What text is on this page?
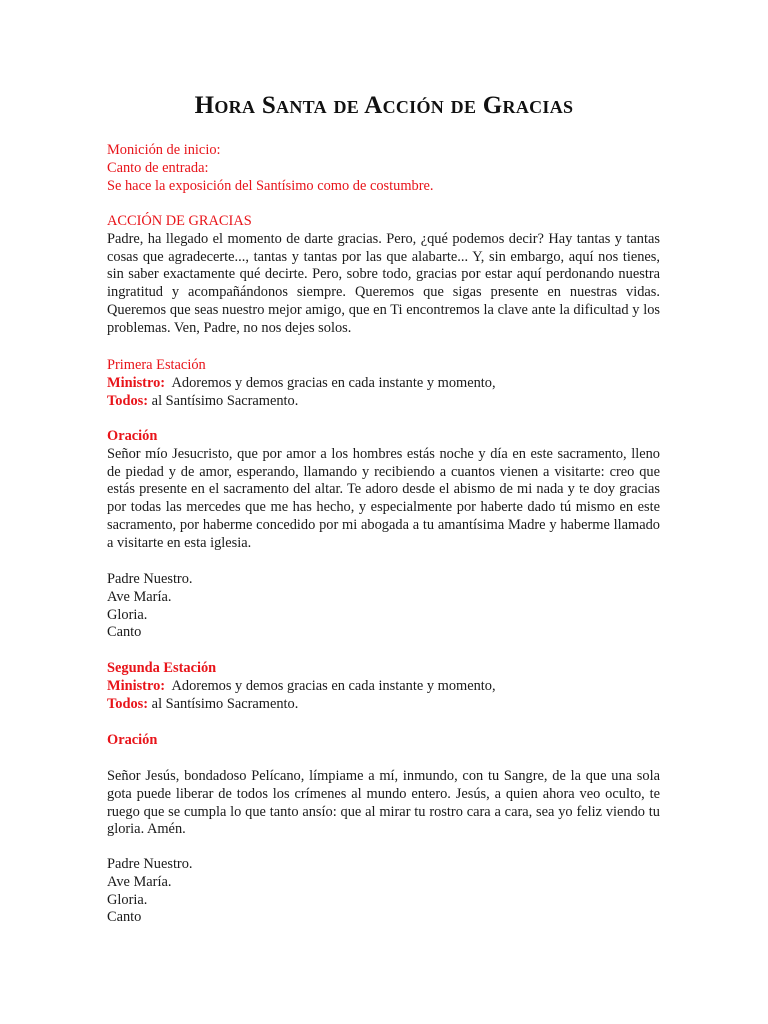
Hora Santa de Acción de Gracias
Monición de inicio:
Canto de entrada:
Se hace la exposición del Santísimo como de costumbre.
ACCIÓN DE GRACIAS
Padre, ha llegado el momento de darte gracias. Pero, ¿qué podemos decir? Hay tantas y tantas cosas que agradecerte..., tantas y tantas por las que alabarte... Y, sin embargo, aquí nos tienes, sin saber exactamente qué decirte. Pero, sobre todo, gracias por estar aquí perdonando nuestra ingratitud y acompañándonos siempre. Queremos que sigas presente en nuestras vidas. Queremos que seas nuestro mejor amigo, que en Ti encontremos la clave ante la dificultad y los problemas. Ven, Padre, no nos dejes solos.
Primera Estación
Ministro:  Adoremos y demos gracias en cada instante y momento,
Todos: al Santísimo Sacramento.
Oración
Señor mío Jesucristo, que por amor a los hombres estás noche y día en este sacramento, lleno de piedad y de amor, esperando, llamando y recibiendo a cuantos vienen a visitarte: creo que estás presente en el sacramento del altar. Te adoro desde el abismo de mi nada y te doy gracias por todas las mercedes que me has hecho, y especialmente por haberte dado tú mismo en este sacramento, por haberme concedido por mi abogada a tu amantísima Madre y haberme llamado a visitarte en esta iglesia.
Padre Nuestro.
Ave María.
Gloria.
Canto
Segunda Estación
Ministro:  Adoremos y demos gracias en cada instante y momento,
Todos: al Santísimo Sacramento.
Oración
Señor Jesús, bondadoso Pelícano, límpiame a mí, inmundo, con tu Sangre, de la que una sola gota puede liberar de todos los crímenes al mundo entero. Jesús, a quien ahora veo oculto, te ruego que se cumpla lo que tanto ansío: que al mirar tu rostro cara a cara, sea yo feliz viendo tu gloria. Amén.
Padre Nuestro.
Ave María.
Gloria.
Canto
